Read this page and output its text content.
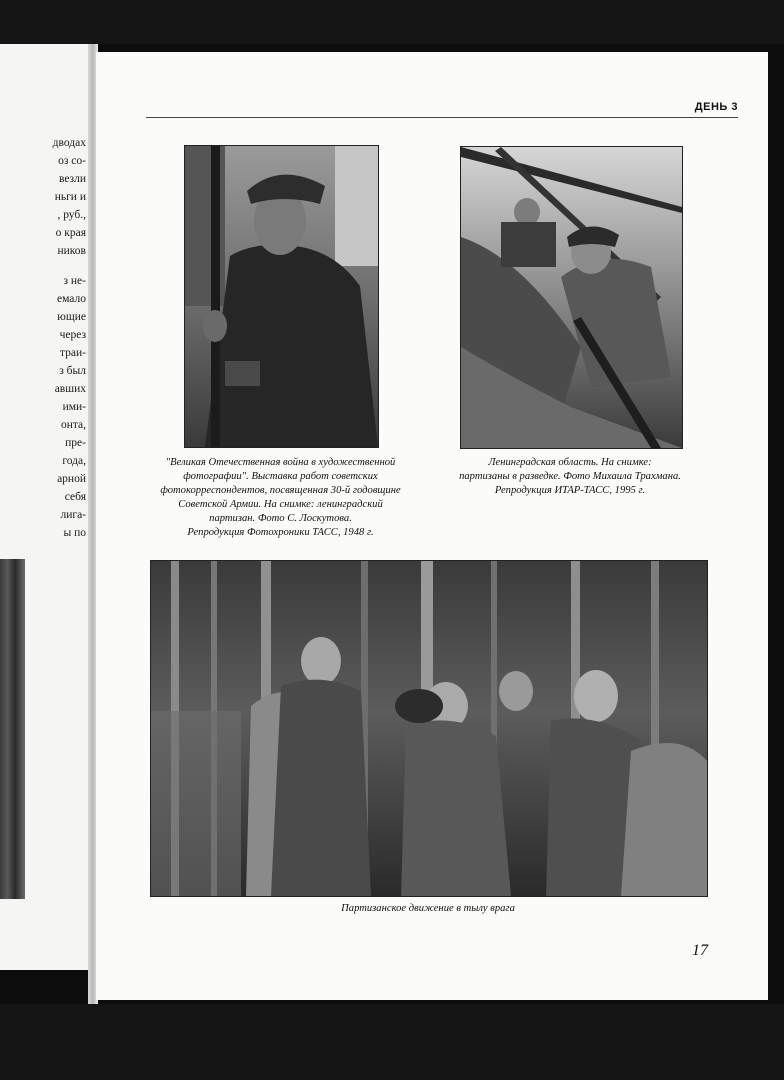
дводах
оз со-
везли
ньги и
, руб.,
о края
ников
з не-
емало
ющие
через
траи-
з был
авших
ими-
онта,
пре-
года,
арной
себя
лига-
ы по
ДЕНЬ 3
"Великая Отечественная война в художественной
фотографии". Выставка работ советских
фотокорреспондентов, посвященная 30-й годовщине
Советской Армии. На снимке: ленинградский
партизан. Фото С. Лоскутова.
Репродукция Фотохроники ТАСС, 1948 г.
Ленинградская область. На снимке:
партизаны в разведке. Фото Михаила Трахмана.
Репродукция ИТАР-ТАСС, 1995 г.
Партизанское движение в тылу врага
17
